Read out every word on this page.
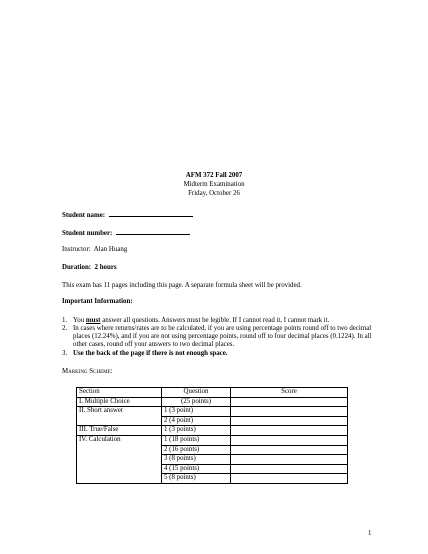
AFM 372 Fall 2007
Midterm Examination
Friday, October 26
Student name:
Student number:
Instructor: Alan Huang
Duration: 2 hours
This exam has 11 pages including this page. A separate formula sheet will be provided.
Important Information:
1. You must answer all questions. Answers must be legible. If I cannot read it, I cannot mark it.
2. In cases where returns/rates are to be calculated, if you are using percentage points round off to two decimal places (12.24%), and if you are not using percentage points, round off to four decimal places (0.1224). In all other cases, round off your answers to two decimal places.
3. Use the back of the page if there is not enough space.
Marking Scheme:
Section	Question	Score
I. Multiple Choice	(25 points)	
II. Short answer	1 (3 point)	
	2 (4 point)	
III. True/False	1 (3 points)	
IV. Calculation	1 (18 points)	
	2 (16 points)	
	3 (8 points)	
	4 (15 points)	
	5 (8 points)	
1
